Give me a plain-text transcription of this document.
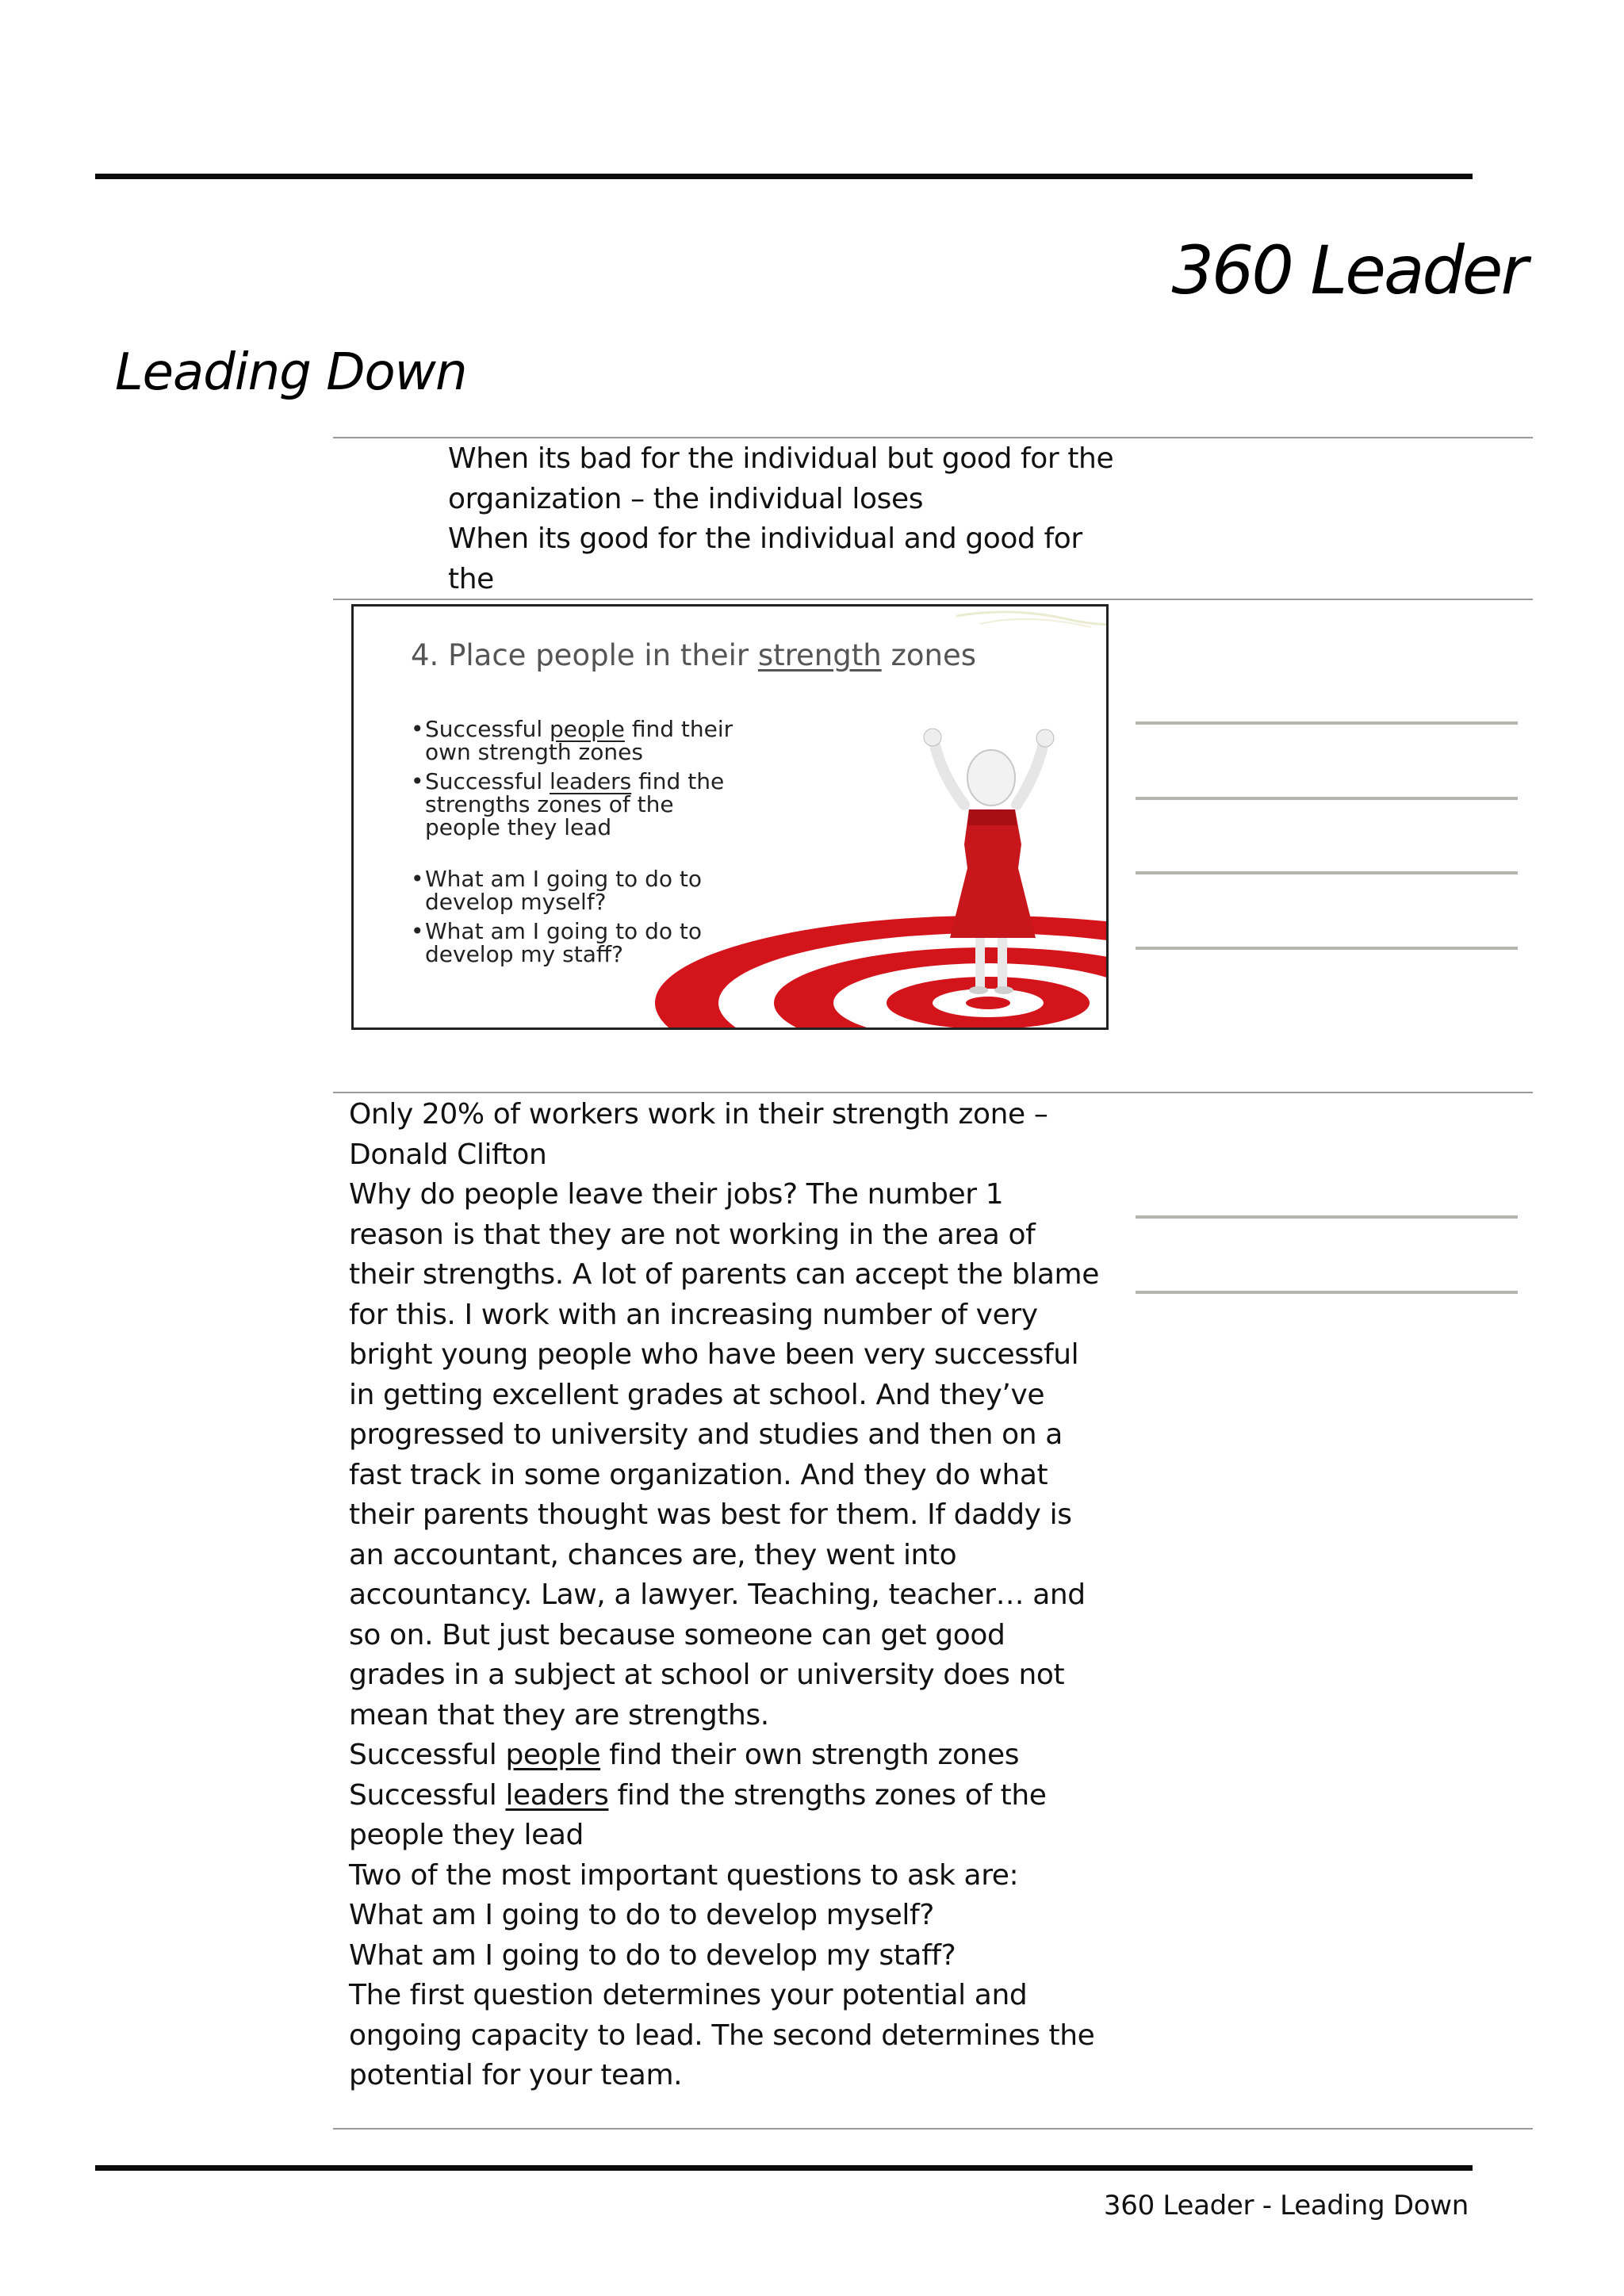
360 Leader
Leading Down

When its bad for the individual but good for the

organization – the individual loses

When its good for the individual and good for the

4. Place people in their strength zones

• Successful people find their own strength zones
• Successful leaders find the strengths zones of the people they lead
• What am I going to do to develop myself?
• What am I going to do to develop my staff?

Only 20% of workers work in their strength zone – Donald Clifton

Why do people leave their jobs? The number 1 reason is that they are not working in the area of their strengths. A lot of parents can accept the blame for this. I work with an increasing number of very bright young people who have been very successful in getting excellent grades at school. And they’ve progressed to university and studies and then on a fast track in some organization. And they do what their parents thought was best for them. If daddy is an accountant, chances are, they went into accountancy. Law, a lawyer. Teaching, teacher… and so on. But just because someone can get good grades in a subject at school or university does not mean that they are strengths.

Successful people find their own strength zones

Successful leaders find the strengths zones of the people they lead

Two of the most important questions to ask are:

What am I going to do to develop myself?

What am I going to do to develop my staff?

The first question determines your potential and ongoing capacity to lead. The second determines the potential for your team.

360 Leader - Leading Down
